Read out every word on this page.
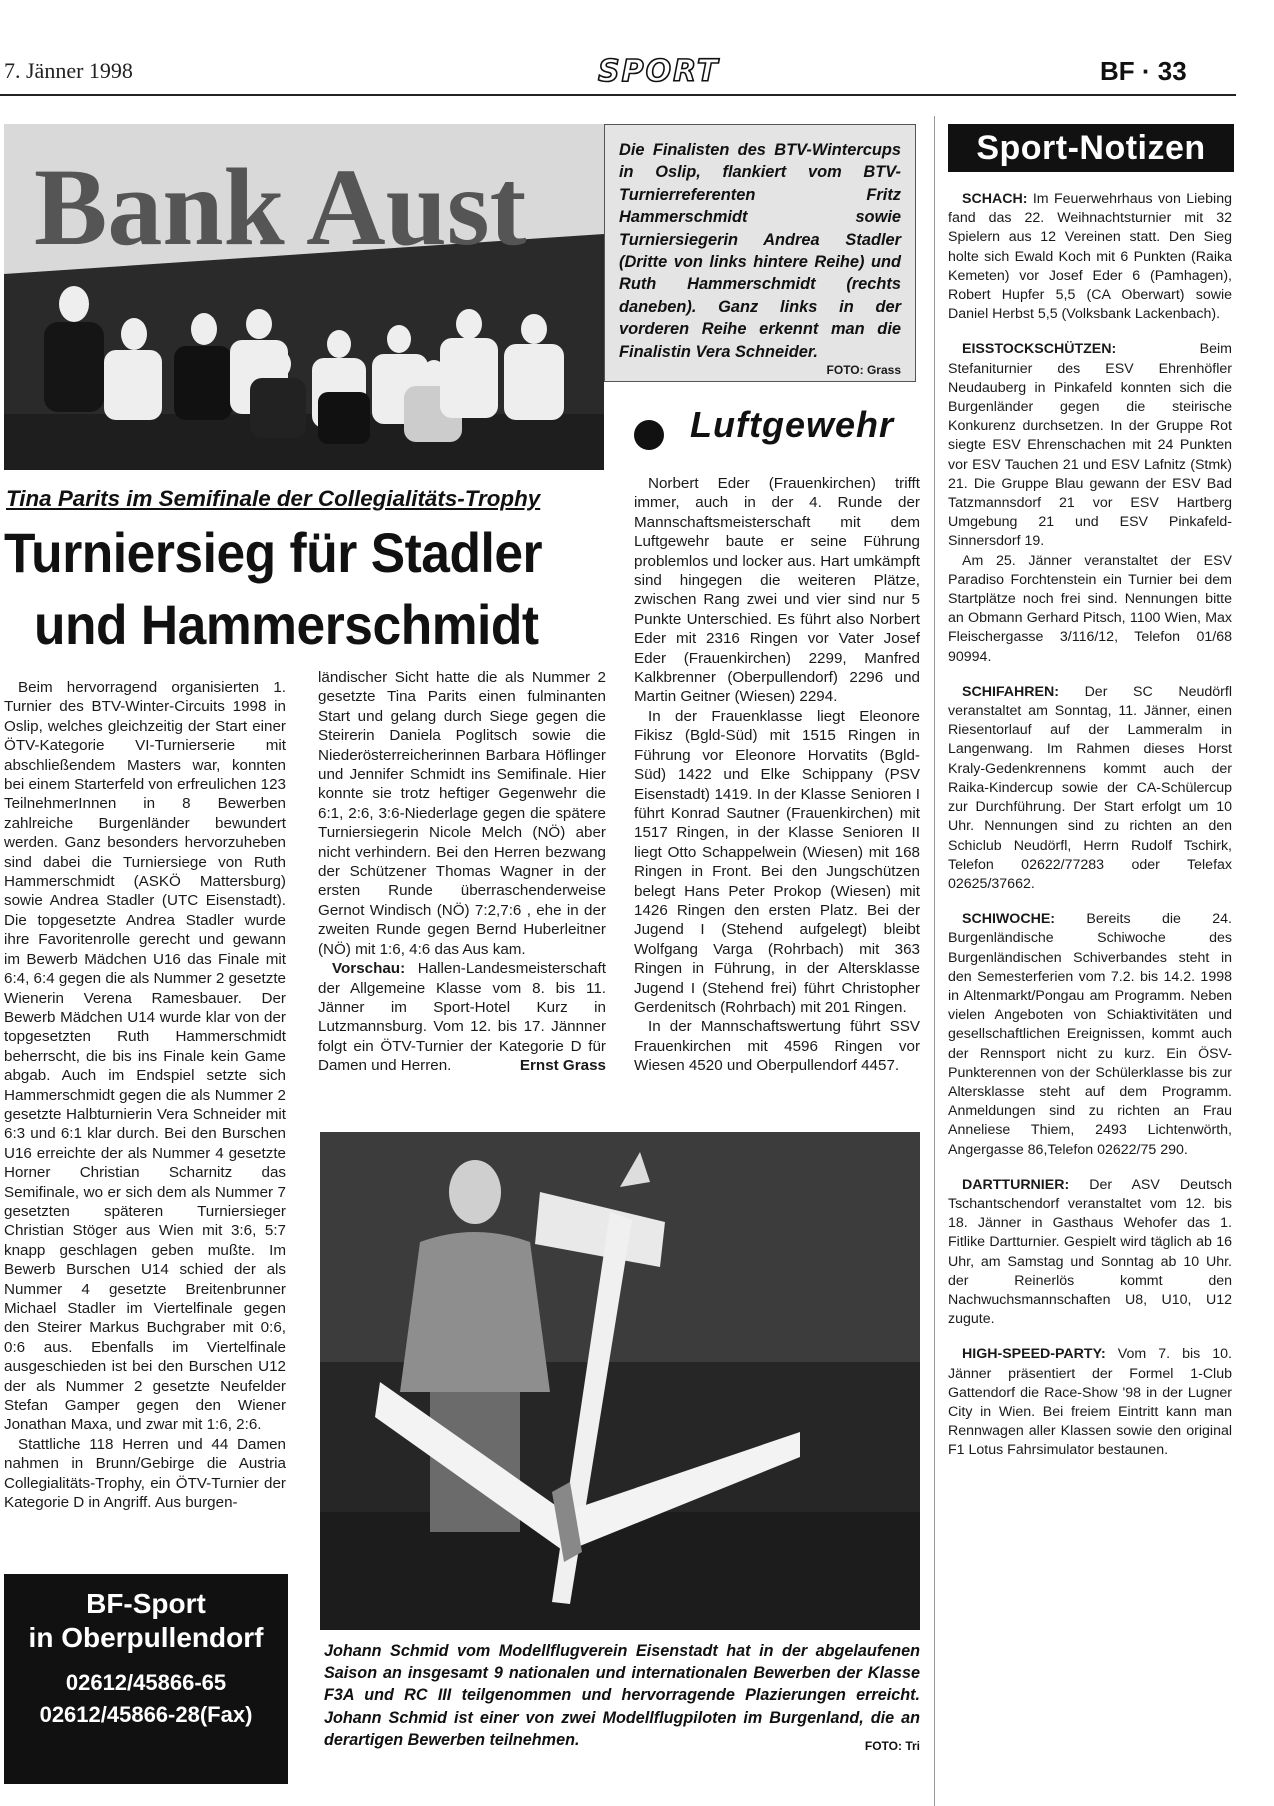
7. Jänner 1998	SPORT	BF · 33
Bank Aust	Die Finalisten des BTV-Wintercups in Oslip, flankiert vom BTV-Turnierreferenten Fritz Hammerschmidt sowie Turniersiegerin Andrea Stadler (Dritte von links hintere Reihe) und Ruth Hammerschmidt (rechts daneben). Ganz links in der vorderen Reihe erkennt man die Finalistin Vera Schneider.
FOTO: Grass
Tina Parits im Semifinale der Collegialitäts-Trophy
Turniersieg für Stadler
und Hammerschmidt

Beim hervorragend organisierten 1. Turnier des BTV-Winter-Circuits 1998 in Oslip, welches gleichzeitig der Start einer ÖTV-Kategorie VI-Turnierserie mit abschließendem Masters war, konnten bei einem Starterfeld von erfreulichen 123 TeilnehmerInnen in 8 Bewerben zahlreiche Burgenländer bewundert werden. Ganz besonders hervorzuheben sind dabei die Turniersiege von Ruth Hammerschmidt (ASKÖ Mattersburg) sowie Andrea Stadler (UTC Eisenstadt). Die topgesetzte Andrea Stadler wurde ihre Favoritenrolle gerecht und gewann im Bewerb Mädchen U16 das Finale mit 6:4, 6:4 gegen die als Nummer 2 gesetzte Wienerin Verena Ramesbauer. Der Bewerb Mädchen U14 wurde klar von der topgesetzten Ruth Hammerschmidt beherrscht, die bis ins Finale kein Game abgab. Auch im Endspiel setzte sich Hammerschmidt gegen die als Nummer 2 gesetzte Halbturnierin Vera Schneider mit 6:3 und 6:1 klar durch. Bei den Burschen U16 erreichte der als Nummer 4 gesetzte Horner Christian Scharnitz das Semifinale, wo er sich dem als Nummer 7 gesetzten späteren Turniersieger Christian Stöger aus Wien mit 3:6, 5:7 knapp geschlagen geben mußte. Im Bewerb Burschen U14 schied der als Nummer 4 gesetzte Breitenbrunner Michael Stadler im Viertelfinale gegen den Steirer Markus Buchgraber mit 0:6, 0:6 aus. Ebenfalls im Viertelfinale ausgeschieden ist bei den Burschen U12 der als Nummer 2 gesetzte Neufelder Stefan Gamper gegen den Wiener Jonathan Maxa, und zwar mit 1:6, 2:6.

Stattliche 118 Herren und 44 Damen nahmen in Brunn/Gebirge die Austria Collegialitäts-Trophy, ein ÖTV-Turnier der Kategorie D in Angriff. Aus burgen-

ländischer Sicht hatte die als Nummer 2 gesetzte Tina Parits einen fulminanten Start und gelang durch Siege gegen die Steirerin Daniela Poglitsch sowie die Niederösterreicherinnen Barbara Höflinger und Jennifer Schmidt ins Semifinale. Hier konnte sie trotz heftiger Gegenwehr die 6:1, 2:6, 3:6-Niederlage gegen die spätere Turniersiegerin Nicole Melch (NÖ) aber nicht verhindern. Bei den Herren bezwang der Schützener Thomas Wagner in der ersten Runde überraschenderweise Gernot Windisch (NÖ) 7:2,7:6 , ehe in der zweiten Runde gegen Bernd Huberleitner (NÖ) mit 1:6, 4:6 das Aus kam.

Vorschau: Hallen-Landesmeisterschaft der Allgemeine Klasse vom 8. bis 11. Jänner im Sport-Hotel Kurz in Lutzmannsburg. Vom 12. bis 17. Jännner folgt ein ÖTV-Turnier der Kategorie D für Damen und Herren.	Ernst Grass

Luftgewehr

Norbert Eder (Frauenkirchen) trifft immer, auch in der 4. Runde der Mannschaftsmeisterschaft mit dem Luftgewehr baute er seine Führung problemlos und locker aus. Hart umkämpft sind hingegen die weiteren Plätze, zwischen Rang zwei und vier sind nur 5 Punkte Unterschied. Es führt also Norbert Eder mit 2316 Ringen vor Vater Josef Eder (Frauenkirchen) 2299, Manfred Kalkbrenner (Oberpullendorf) 2296 und Martin Geitner (Wiesen) 2294.

In der Frauenklasse liegt Eleonore Fikisz (Bgld-Süd) mit 1515 Ringen in Führung vor Eleonore Horvatits (Bgld-Süd) 1422 und Elke Schippany (PSV Eisenstadt) 1419. In der Klasse Senioren I führt Konrad Sautner (Frauenkirchen) mit 1517 Ringen, in der Klasse Senioren II liegt Otto Schappelwein (Wiesen) mit 168 Ringen in Front. Bei den Jungschützen belegt Hans Peter Prokop (Wiesen) mit 1426 Ringen den ersten Platz. Bei der Jugend I (Stehend aufgelegt) bleibt Wolfgang Varga (Rohrbach) mit 363 Ringen in Führung, in der Altersklasse Jugend I (Stehend frei) führt Christopher Gerdenitsch (Rohrbach) mit 201 Ringen.

In der Mannschaftswertung führt SSV Frauenkirchen mit 4596 Ringen vor Wiesen 4520 und Oberpullendorf 4457.

Johann Schmid vom Modellflugverein Eisenstadt hat in der abgelaufenen Saison an insgesamt 9 nationalen und internationalen Bewerben der Klasse F3A und RC III teilgenommen und hervorragende Plazierungen erreicht. Johann Schmid ist einer von zwei Modellflugpiloten im Burgenland, die an derartigen Bewerben teilnehmen.	FOTO: Tri
BF-Sport
in Oberpullendorf
02612/45866-65
02612/45866-28(Fax)
Sport-Notizen

SCHACH: Im Feuerwehrhaus von Liebing fand das 22. Weihnachtsturnier mit 32 Spielern aus 12 Vereinen statt. Den Sieg holte sich Ewald Koch mit 6 Punkten (Raika Kemeten) vor Josef Eder 6 (Pamhagen), Robert Hupfer 5,5 (CA Oberwart) sowie Daniel Herbst 5,5 (Volksbank Lackenbach).

EISSTOCKSCHÜTZEN:	Beim Stefaniturnier des ESV Ehrenhöfler Neudauberg in Pinkafeld konnten sich die Burgenländer gegen die steirische Konkurenz durchsetzen. In der Gruppe Rot siegte ESV Ehrenschachen mit 24 Punkten vor ESV Tauchen 21 und ESV Lafnitz (Stmk) 21. Die Gruppe Blau gewann der ESV Bad Tatzmannsdorf 21 vor ESV Hartberg Umgebung 21 und ESV Pinkafeld-Sinnersdorf 19.

Am 25. Jänner veranstaltet der ESV Paradiso Forchtenstein ein Turnier bei dem Startplätze noch frei sind. Nennungen bitte an Obmann Gerhard Pitsch, 1100 Wien, Max Fleischergasse 3/116/12, Telefon 01/68 90994.

SCHIFAHREN: Der SC Neudörfl veranstaltet am Sonntag, 11. Jänner, einen Riesentorlauf auf der Lammeralm in Langenwang. Im Rahmen dieses Horst Kraly-Gedenkrennens kommt auch der Raika-Kindercup sowie der CA-Schülercup zur Durchführung. Der Start erfolgt um 10 Uhr. Nennungen sind zu richten an den Schiclub Neudörfl, Herrn Rudolf Tschirk, Telefon 02622/77283 oder Telefax 02625/37662.

SCHIWOCHE: Bereits die 24. Burgenländische Schiwoche des Burgenländischen Schiverbandes steht in den Semesterferien vom 7.2. bis 14.2. 1998 in Altenmarkt/Pongau am Programm. Neben vielen Angeboten von Schiaktivitäten und gesellschaftlichen Ereignissen, kommt auch der Rennsport nicht zu kurz. Ein ÖSV-Punkterennen von der Schülerklasse bis zur Altersklasse steht auf dem Programm. Anmeldungen sind zu richten an Frau Anneliese Thiem, 2493 Lichtenwörth, Angergasse 86,Telefon 02622/75 290.

DARTTURNIER: Der ASV Deutsch Tschantschendorf veranstaltet vom 12. bis 18. Jänner in Gasthaus Wehofer das 1. Fitlike Dartturnier. Gespielt wird täglich ab 16 Uhr, am Samstag und Sonntag ab 10 Uhr. der Reinerlös kommt den Nachwuchsmannschaften U8, U10, U12 zugute.

HIGH-SPEED-PARTY: Vom 7. bis 10. Jänner präsentiert der Formel 1-Club Gattendorf die Race-Show '98 in der Lugner City in Wien. Bei freiem Eintritt kann man Rennwagen aller Klassen sowie den original F1 Lotus Fahrsimulator bestaunen.
